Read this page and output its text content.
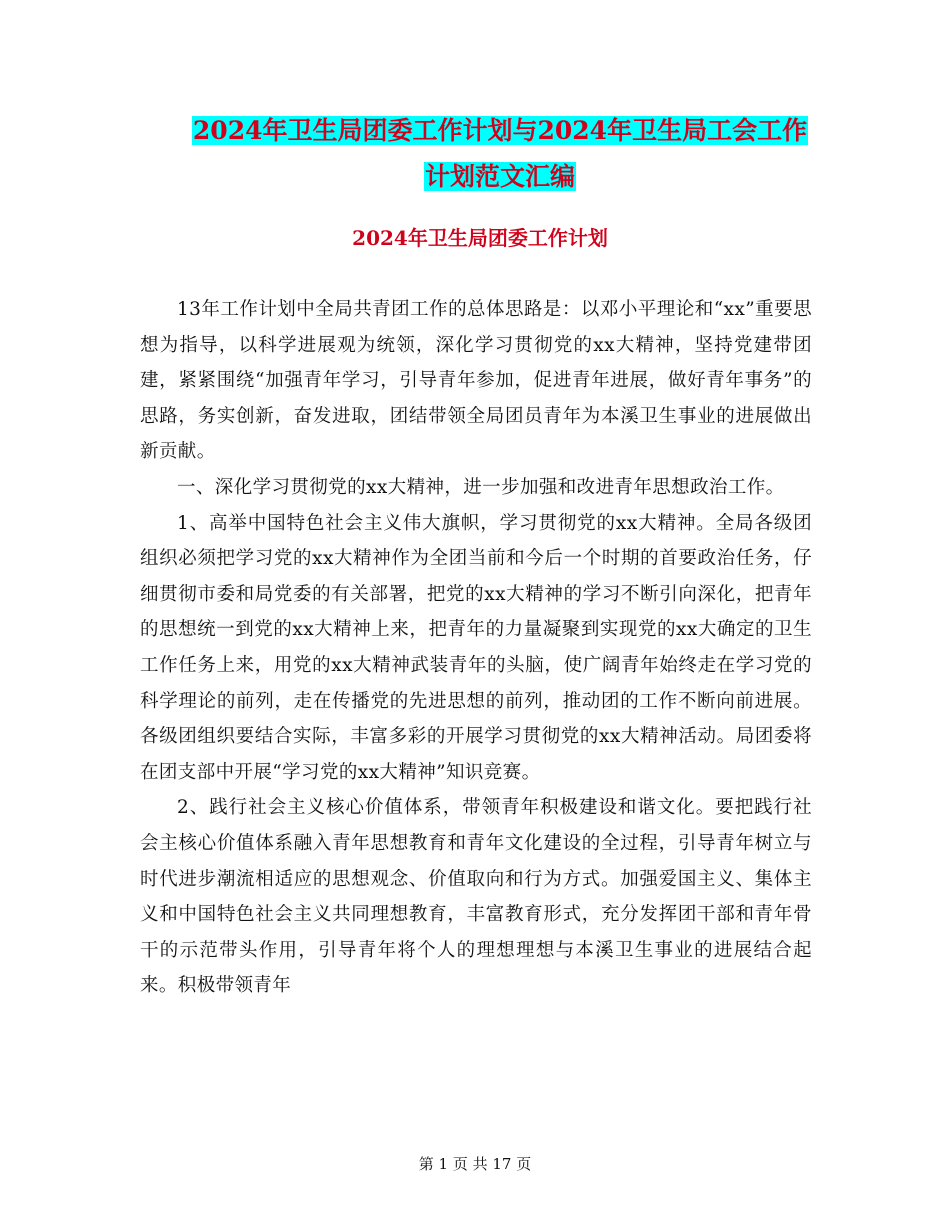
2024年卫生局团委工作计划与2024年卫生局工会工作
计划范文汇编
2024年卫生局团委工作计划

13年工作计划中全局共青团工作的总体思路是：以邓小平理论和“xx”重要思想为指导，以科学进展观为统领，深化学习贯彻党的xx大精神，坚持党建带团建，紧紧围绕“加强青年学习，引导青年参加，促进青年进展，做好青年事务”的思路，务实创新，奋发进取，团结带领全局团员青年为本溪卫生事业的进展做出新贡献。

一、深化学习贯彻党的xx大精神，进一步加强和改进青年思想政治工作。

1、高举中国特色社会主义伟大旗帜，学习贯彻党的xx大精神。全局各级团组织必须把学习党的xx大精神作为全团当前和今后一个时期的首要政治任务，仔细贯彻市委和局党委的有关部署，把党的xx大精神的学习不断引向深化，把青年的思想统一到党的xx大精神上来，把青年的力量凝聚到实现党的xx大确定的卫生工作任务上来，用党的xx大精神武装青年的头脑，使广阔青年始终走在学习党的科学理论的前列，走在传播党的先进思想的前列，推动团的工作不断向前进展。各级团组织要结合实际，丰富多彩的开展学习贯彻党的xx大精神活动。局团委将在团支部中开展“学习党的xx大精神”知识竞赛。

2、践行社会主义核心价值体系，带领青年积极建设和谐文化。要把践行社会主核心价值体系融入青年思想教育和青年文化建设的全过程，引导青年树立与时代进步潮流相适应的思想观念、价值取向和行为方式。加强爱国主义、集体主义和中国特色社会主义共同理想教育，丰富教育形式，充分发挥团干部和青年骨干的示范带头作用，引导青年将个人的理想理想与本溪卫生事业的进展结合起来。积极带领青年

第 1 页 共 17 页
